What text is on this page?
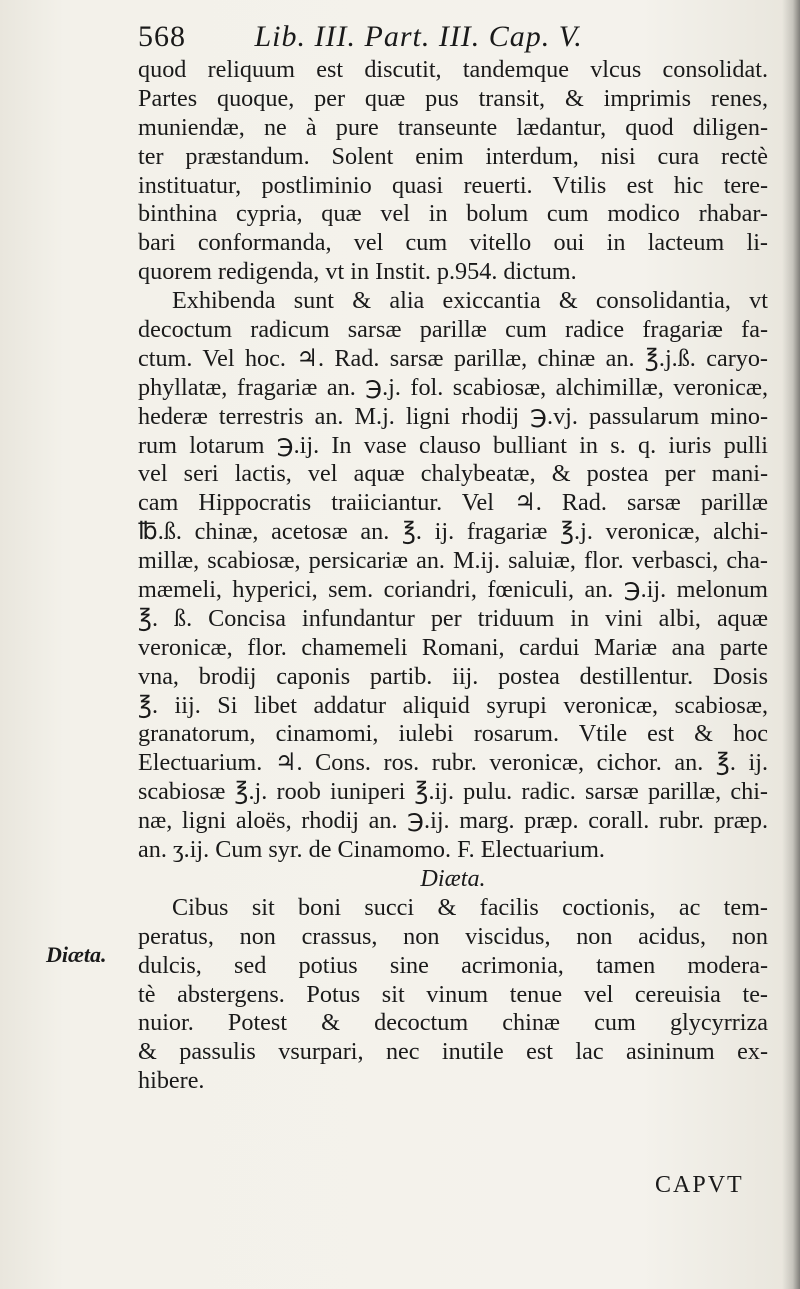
568 Lib. III. Part. III. Cap. V.
quod reliquum est discutit, tandemque vlcus consolidat.
Partes quoque, per quæ pus transit, & imprimis renes,
muniendæ, ne à pure transeunte lædantur, quod diligen-
ter præstandum. Solent enim interdum, nisi cura rectè
instituatur, postliminio quasi reuerti. Vtilis est hic tere-
binthina cypria, quæ vel in bolum cum modico rhabar-
bari conformanda, vel cum vitello oui in lacteum li-
quorem redigenda, vt in Instit. p.954. dictum.
Exhibenda sunt & alia exiccantia & consolidantia, vt
decoctum radicum sarsæ parillæ cum radice fragariæ fa-
ctum. Vel hoc. ♃. Rad. sarsæ parillæ, chinæ an. ℥.j.ß. caryo-
phyllatæ, fragariæ an. ℈.j. fol. scabiosæ, alchimillæ, veronicæ,
hederæ terrestris an. M.j. ligni rhodij ℈.vj. passularum mino-
rum lotarum ℈.ij. In vase clauso bulliant in s. q. iuris pulli
vel seri lactis, vel aquæ chalybeatæ, & postea per mani-
cam Hippocratis traiiciantur. Vel ♃. Rad. sarsæ parillæ
℔.ß. chinæ, acetosæ an. ℥. ij. fragariæ ℥.j. veronicæ, alchi-
millæ, scabiosæ, persicariæ an. M.ij. saluiæ, flor. verbasci, cha-
mæmeli, hyperici, sem. coriandri, fœniculi, an. ℈.ij. melonum
℥. ß. Concisa infundantur per triduum in vini albi, aquæ
veronicæ, flor. chamemeli Romani, cardui Mariæ ana parte
vna, brodij caponis partib. iij. postea destillentur. Dosis
℥. iij. Si libet addatur aliquid syrupi veronicæ, scabiosæ,
granatorum, cinamomi, iulebi rosarum. Vtile est & hoc
Electuarium. ♃. Cons. ros. rubr. veronicæ, cichor. an. ℥. ij.
scabiosæ ℥.j. roob iuniperi ℥.ij. pulu. radic. sarsæ parillæ, chi-
næ, ligni aloës, rhodij an. ℈.ij. marg. præp. corall. rubr. præp.
an. ʒ.ij. Cum syr. de Cinamomo. F. Electuarium.
Diæta.
Cibus sit boni succi & facilis coctionis, ac tem-
peratus, non crassus, non viscidus, non acidus, non
dulcis, sed potius sine acrimonia, tamen modera-
tè abstergens. Potus sit vinum tenue vel cereuisia te-
nuior. Potest & decoctum chinæ cum glycyrriza
& passulis vsurpari, nec inutile est lac asininum ex-
hibere.
Diæta.
CAPVT
